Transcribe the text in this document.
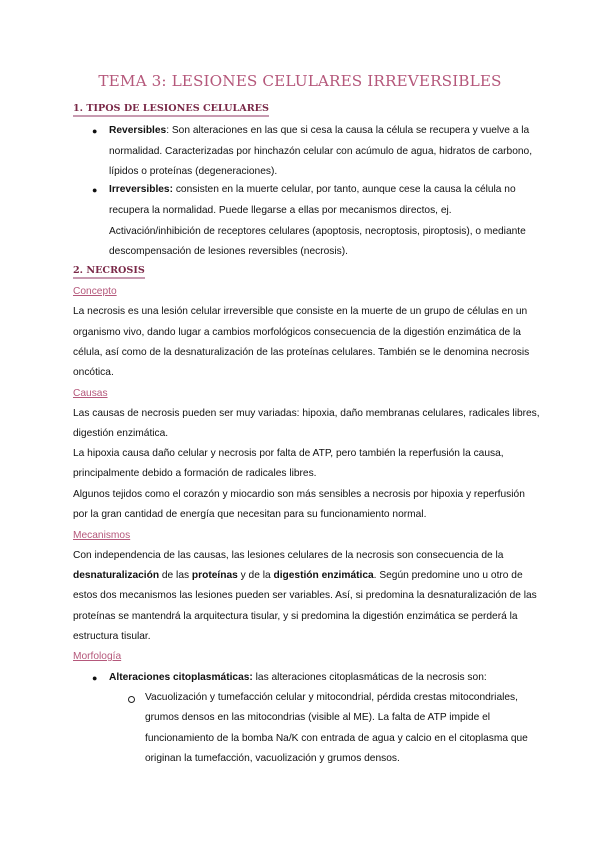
TEMA 3: LESIONES CELULARES IRREVERSIBLES
1. TIPOS DE LESIONES CELULARES
● Reversibles: Son alteraciones en las que si cesa la causa la célula se recupera y vuelve a la
normalidad. Caracterizadas por hinchazón celular con acúmulo de agua, hidratos de carbono,
lípidos o proteínas (degeneraciones).
● Irreversibles: consisten en la muerte celular, por tanto, aunque cese la causa la célula no
recupera la normalidad. Puede llegarse a ellas por mecanismos directos, ej.
Activación/inhibición de receptores celulares (apoptosis, necroptosis, piroptosis), o mediante
descompensación de lesiones reversibles (necrosis).
2. NECROSIS
Concepto
La necrosis es una lesión celular irreversible que consiste en la muerte de un grupo de células en un
organismo vivo, dando lugar a cambios morfológicos consecuencia de la digestión enzimática de la
célula, así como de la desnaturalización de las proteínas celulares. También se le denomina necrosis
oncótica.
Causas
Las causas de necrosis pueden ser muy variadas: hipoxia, daño membranas celulares, radicales libres,
digestión enzimática.
La hipoxia causa daño celular y necrosis por falta de ATP, pero también la reperfusión la causa,
principalmente debido a formación de radicales libres.
Algunos tejidos como el corazón y miocardio son más sensibles a necrosis por hipoxia y reperfusión
por la gran cantidad de energía que necesitan para su funcionamiento normal.
Mecanismos
Con independencia de las causas, las lesiones celulares de la necrosis son consecuencia de la
desnaturalización de las proteínas y de la digestión enzimática. Según predomine uno u otro de
estos dos mecanismos las lesiones pueden ser variables. Así, si predomina la desnaturalización de las
proteínas se mantendrá la arquitectura tisular, y si predomina la digestión enzimática se perderá la
estructura tisular.
Morfología
● Alteraciones citoplasmáticas: las alteraciones citoplasmáticas de la necrosis son:
Vacuolización y tumefacción celular y mitocondrial, pérdida crestas mitocondriales,
grumos densos en las mitocondrias (visible al ME). La falta de ATP impide el
funcionamiento de la bomba Na/K con entrada de agua y calcio en el citoplasma que
originan la tumefacción, vacuolización y grumos densos.
